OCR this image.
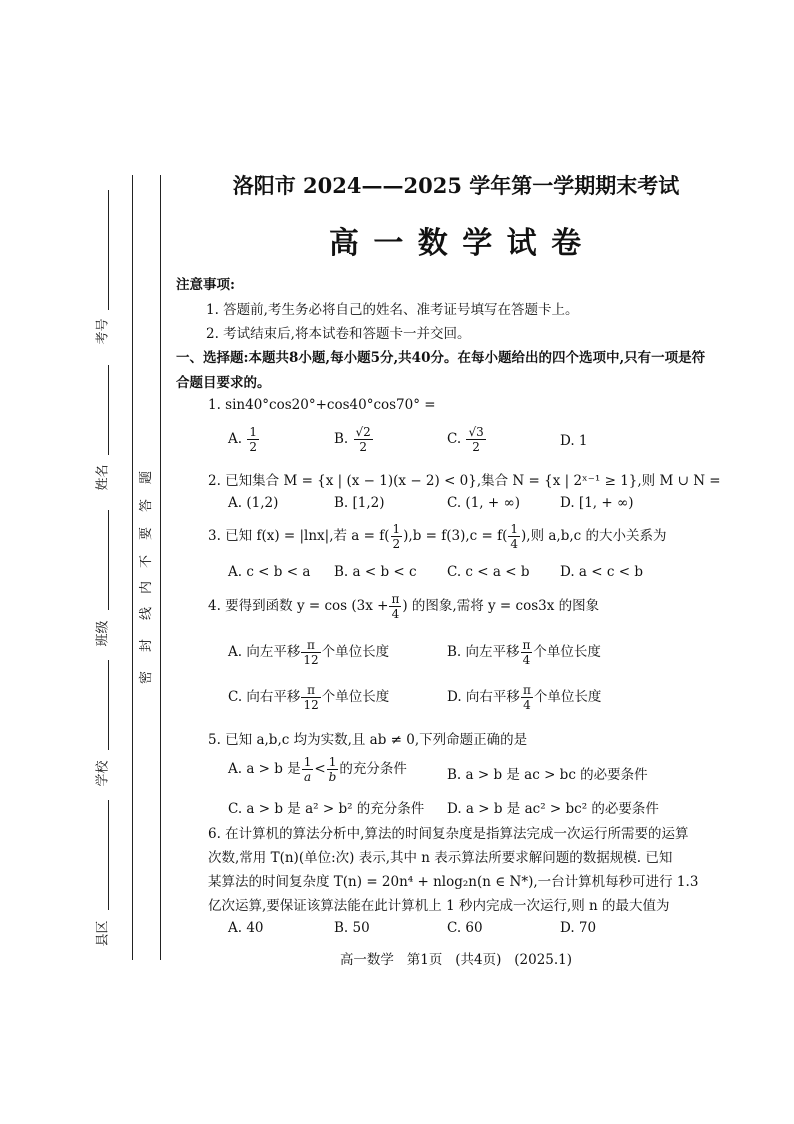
考号
姓名
班级
学校
县区
密
封
线
内
不
要
答
题
洛阳市 2024——2025 学年第一学期期末考试
高 一 数 学 试 卷
注意事项:
1. 答题前,考生务必将自己的姓名、准考证号填写在答题卡上。
2. 考试结束后,将本试卷和答题卡一并交回。
一、选择题:本题共8小题,每小题5分,共40分。在每小题给出的四个选项中,只有一项是符
合题目要求的。
1. sin40°cos20°+cos40°cos70° =
A. $\frac{1}{2}$	B. $\frac{√2}{2}$	C. $\frac{√3}{2}$	D. 1
2. 已知集合 M = {x | (x − 1)(x − 2) < 0},集合 N = {x | 2ˣ⁻¹ ≥ 1},则 M ∪ N =
A. (1,2)	B. [1,2)	C. (1, + ∞)	D. [1, + ∞)
3. 已知 f(x) = |lnx|,若 $a = f( \frac{1}{2} ),b = f(3),c = f( \frac{1}{4}$ ),则 a,b,c 的大小关系为
A. c < b < a B. a < b < c C. c < a < b D. a < c < b
4. 要得到函数 $y = \cos (3x + \frac{\pi}{4}$ ) 的图象,需将 y = cos3x 的图象
A. 向左平移 $\frac{\pi}{12}$ 个单位长度	B. 向左平移 $\frac{\pi}{4}$ 个单位长度
C. 向右平移 $\frac{\pi}{12}$ 个单位长度	D. 向右平移 $\frac{\pi}{4}$ 个单位长度
5. 已知 a,b,c 均为实数,且 ab ≠ 0,下列命题正确的是
A. a > b 是 $\frac{1}{a} < \frac{1}{b}$ 的充分条件	B. a > b 是 ac > bc 的必要条件
C. a > b 是 a² > b² 的充分条件 D. a > b 是 ac² > bc² 的必要条件
6. 在计算机的算法分析中,算法的时间复杂度是指算法完成一次运行所需要的运算
次数,常用 T(n)(单位:次) 表示,其中 n 表示算法所要求解问题的数据规模. 已知
某算法的时间复杂度 T(n) = 20n⁴ + nlog₂n(n ∈ N*),一台计算机每秒可进行 1.3
亿次运算,要保证该算法能在此计算机上 1 秒内完成一次运行,则 n 的最大值为
A. 40	B. 50	C. 60	D. 70
高一数学   第1页   (共4页)   (2025.1)
